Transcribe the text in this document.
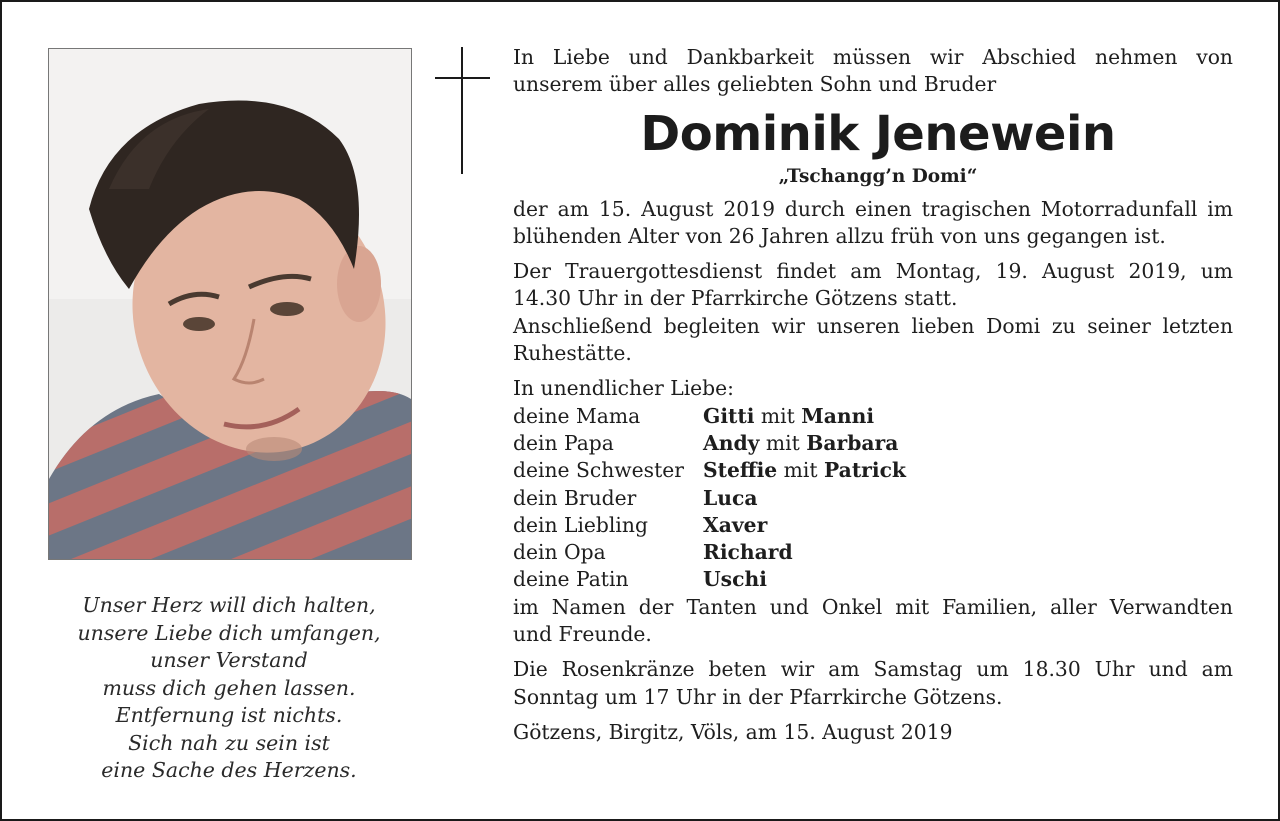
Unser Herz will dich halten,
unsere Liebe dich umfangen,
unser Verstand
muss dich gehen lassen.
Entfernung ist nichts.
Sich nah zu sein ist
eine Sache des Herzens.
In Liebe und Dankbarkeit müssen wir Abschied nehmen von
unserem über alles geliebten Sohn und Bruder
Dominik Jenewein
„Tschangg’n Domi“
der am 15. August 2019 durch einen tragischen Motorradunfall im
blühenden Alter von 26 Jahren allzu früh von uns gegangen ist.
Der Trauergottesdienst findet am Montag, 19. August 2019, um
14.30 Uhr in der Pfarrkirche Götzens statt.
Anschließend begleiten wir unseren lieben Domi zu seiner letzten
Ruhestätte.
In unendlicher Liebe:
deine Mama	Gitti mit Manni
dein Papa	Andy mit Barbara
deine Schwester Steffie mit Patrick
dein Bruder	Luca
dein Liebling	Xaver
dein Opa	Richard
deine Patin	Uschi
im Namen der Tanten und Onkel mit Familien, aller Verwandten
und Freunde.
Die Rosenkränze beten wir am Samstag um 18.30 Uhr und am
Sonntag um 17 Uhr in der Pfarrkirche Götzens.
Götzens, Birgitz, Völs, am 15. August 2019
